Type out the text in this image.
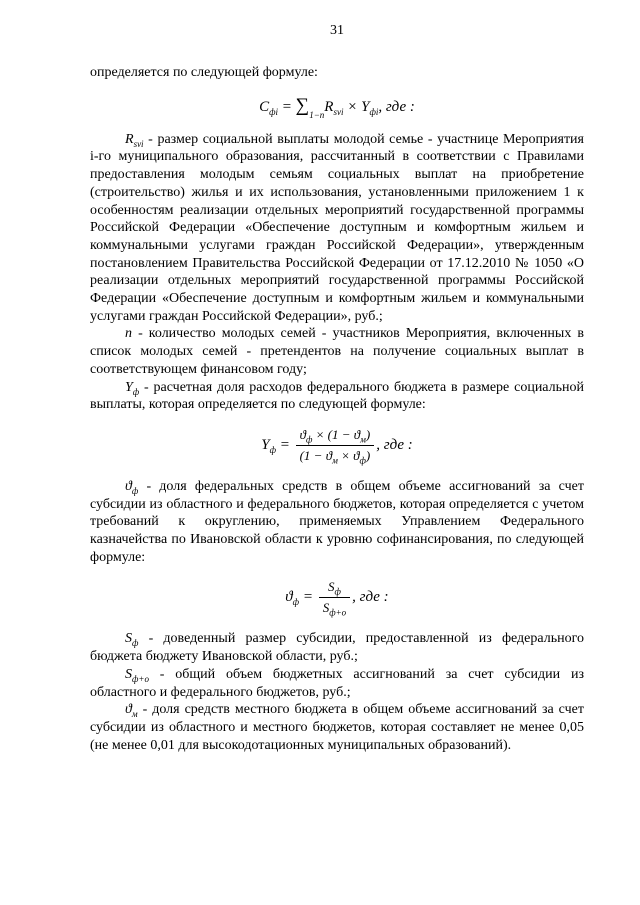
31

определяется по следующей формуле:

$C_{фi} = \sum_{1-n}R_{svi} \times Y_{фi}$, где :

$R_{svi}$ - размер социальной выплаты молодой семье - участнице Мероприятия i-го муниципального образования, рассчитанный в соответствии с Правилами предоставления молодым семьям социальных выплат на приобретение (строительство) жилья и их использования, установленными приложением 1 к особенностям реализации отдельных мероприятий государственной программы Российской Федерации «Обеспечение доступным и комфортным жильем и коммунальными услугами граждан Российской Федерации», утвержденным постановлением Правительства Российской Федерации от 17.12.2010 № 1050 «О реализации отдельных мероприятий государственной программы Российской Федерации «Обеспечение доступным и комфортным жильем и коммунальными услугами граждан Российской Федерации», руб.;

n - количество молодых семей - участников Мероприятия, включенных в список молодых семей - претендентов на получение социальных выплат в соответствующем финансовом году;

$Y_ф$ - расчетная доля расходов федерального бюджета в размере социальной выплаты, которая определяется по следующей формуле:

$Y_ф = \frac{ϑ_ф \times (1 - ϑ_м)}{(1 - ϑ_м \times ϑ_ф)}$ , где :

$ϑ_ф$ - доля федеральных средств в общем объеме ассигнований за счет субсидии из областного и федерального бюджетов, которая определяется с учетом требований к округлению, применяемых Управлением Федерального казначейства по Ивановской области к уровню софинансирования, по следующей формуле:

$ϑ_ф = \frac{S_ф}{S_{ф+о}}$ , где :

$S_ф$ - доведенный размер субсидии, предоставленной из федерального бюджета бюджету Ивановской области, руб.;

$S_{ф+о}$ - общий объем бюджетных ассигнований за счет субсидии из областного и федерального бюджетов, руб.;

$ϑ_м$ - доля средств местного бюджета в общем объеме ассигнований за счет субсидии из областного и местного бюджетов, которая составляет не менее 0,05 (не менее 0,01 для высокодотационных муниципальных образований).
